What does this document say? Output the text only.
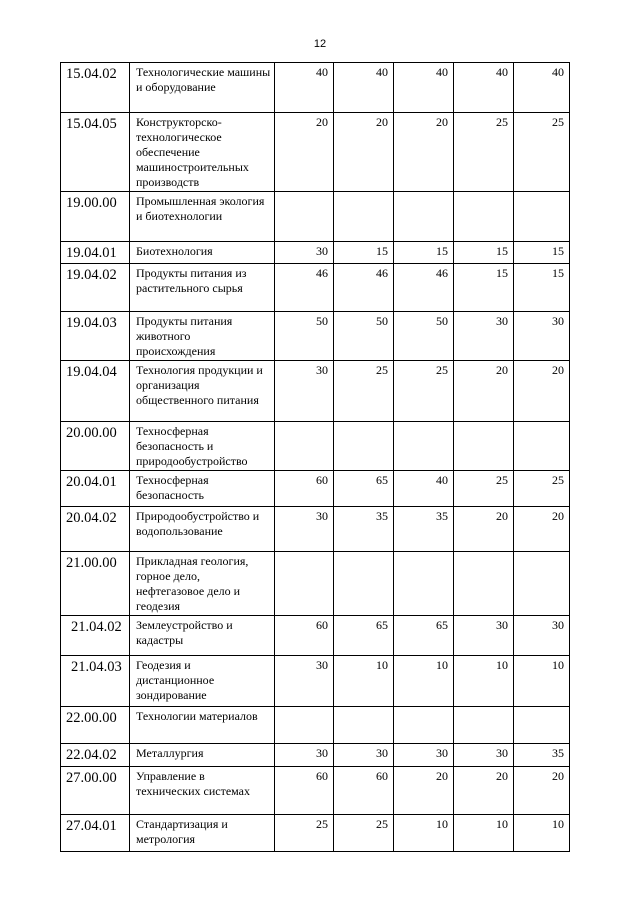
12
15.04.02	Технологические машины и оборудование	40	40	40	40	40
15.04.05	Конструкторско-технологическое обеспечение машиностроительных производств	20	20	20	25	25
19.00.00	Промышленная экология и биотехнологии					
19.04.01	Биотехнология	30	15	15	15	15
19.04.02	Продукты питания из растительного сырья	46	46	46	15	15
19.04.03	Продукты питания животного происхождения	50	50	50	30	30
19.04.04	Технология продукции и организация общественного питания	30	25	25	20	20
20.00.00	Техносферная безопасность и природообустройство					
20.04.01	Техносферная безопасность	60	65	40	25	25
20.04.02	Природообустройство и водопользование	30	35	35	20	20
21.00.00	Прикладная геология, горное дело, нефтегазовое дело и геодезия					
21.04.02	Землеустройство и кадастры	60	65	65	30	30
21.04.03	Геодезия и дистанционное зондирование	30	10	10	10	10
22.00.00	Технологии материалов					
22.04.02	Металлургия	30	30	30	30	35
27.00.00	Управление в технических системах	60	60	20	20	20
27.04.01	Стандартизация и метрология	25	25	10	10	10
